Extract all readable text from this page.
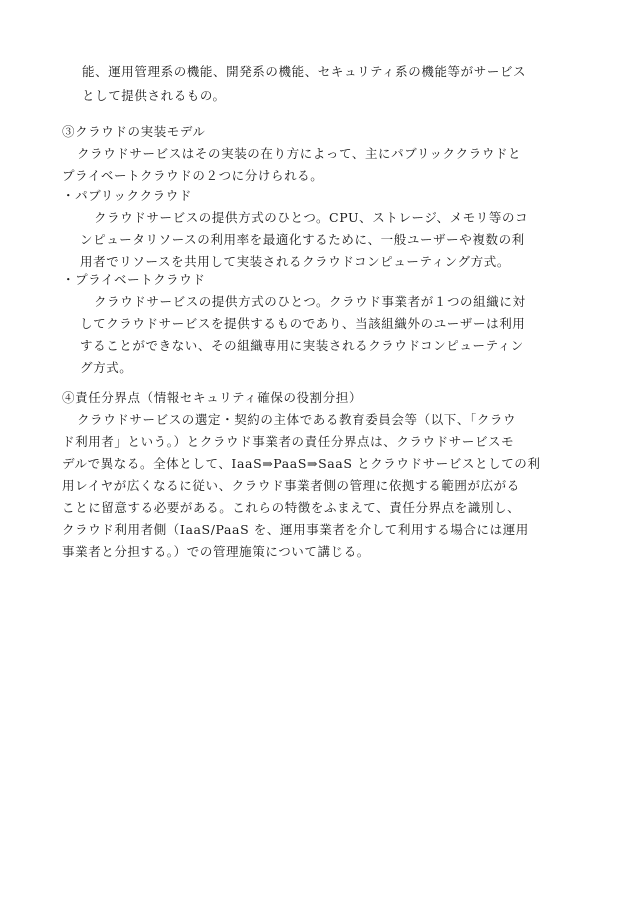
能、運用管理系の機能、開発系の機能、セキュリティ系の機能等がサービス
として提供されるもの。
③クラウドの実装モデル
クラウドサービスはその実装の在り方によって、主にパブリッククラウドと
プライベートクラウドの２つに分けられる。
・パブリッククラウド
クラウドサービスの提供方式のひとつ。CPU、ストレージ、メモリ等のコ
ンピュータリソースの利用率を最適化するために、一般ユーザーや複数の利
用者でリソースを共用して実装されるクラウドコンピューティング方式。
・プライベートクラウド
クラウドサービスの提供方式のひとつ。クラウド事業者が１つの組織に対
してクラウドサービスを提供するものであり、当該組織外のユーザーは利用
することができない、その組織専用に実装されるクラウドコンピューティン
グ方式。
④責任分界点（情報セキュリティ確保の役割分担）
クラウドサービスの選定・契約の主体である教育委員会等（以下、「クラウ
ド利用者」という。）とクラウド事業者の責任分界点は、クラウドサービスモ
デルで異なる。全体として、IaaS⇒PaaS⇒SaaS とクラウドサービスとしての利
用レイヤが広くなるに従い、クラウド事業者側の管理に依拠する範囲が広がる
ことに留意する必要がある。これらの特徴をふまえて、責任分界点を識別し、
クラウド利用者側（IaaS/PaaS を、運用事業者を介して利用する場合には運用
事業者と分担する。）での管理施策について講じる。
